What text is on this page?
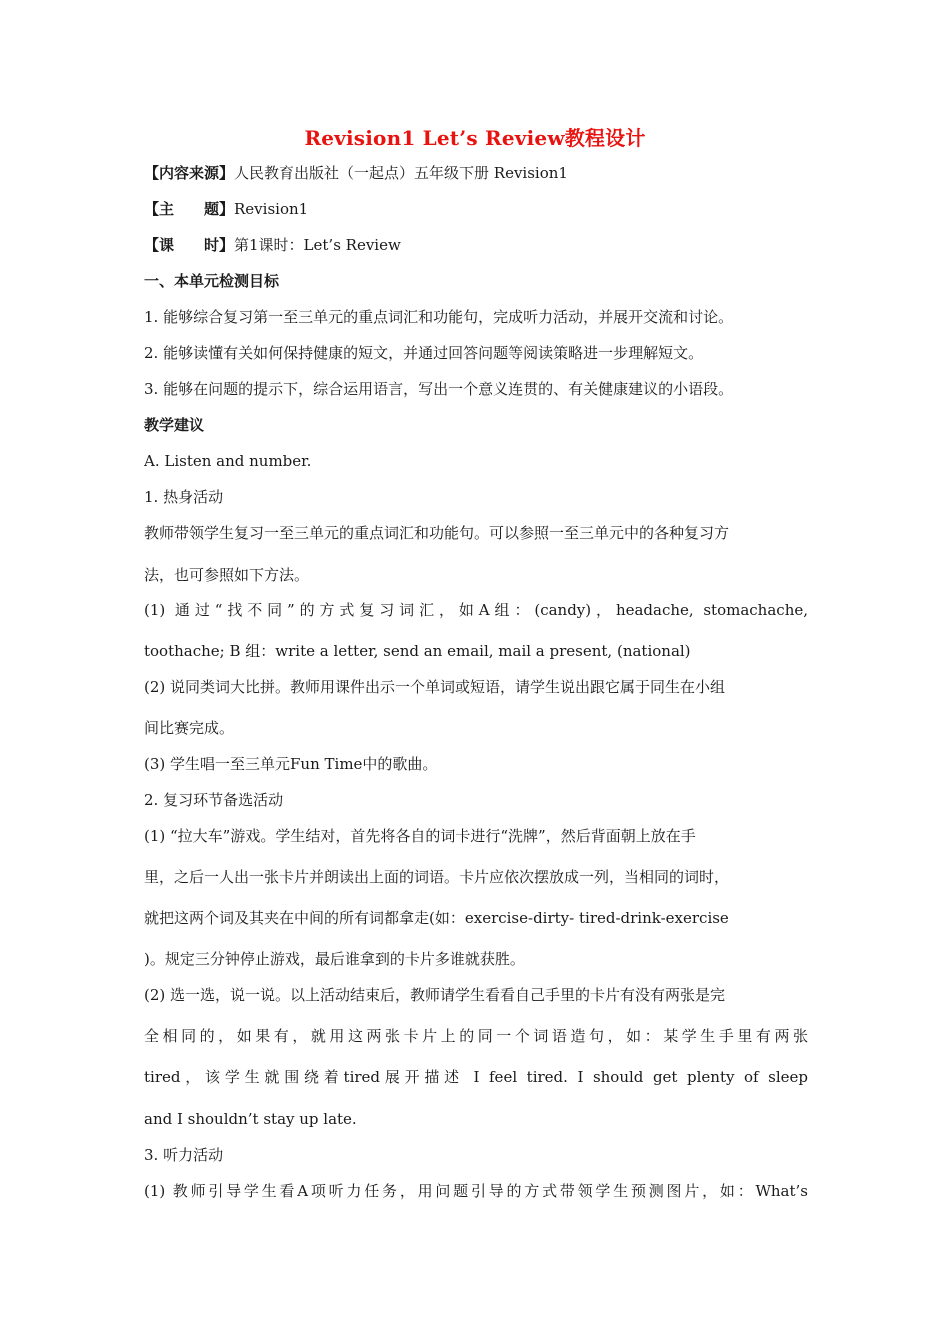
Revision1 Let’s Review教程设计
【内容来源】人民教育出版社（一起点）五年级下册 Revision1
【主　　题】Revision1
【课　　时】第1课时：Let’s Review
一、本单元检测目标
1. 能够综合复习第一至三单元的重点词汇和功能句，完成听力活动，并展开交流和讨论。
2. 能够读懂有关如何保持健康的短文，并通过回答问题等阅读策略进一步理解短文。
3. 能够在问题的提示下，综合运用语言，写出一个意义连贯的、有关健康建议的小语段。
教学建议
A. Listen and number.
1. 热身活动
教师带领学生复习一至三单元的重点词汇和功能句。可以参照一至三单元中的各种复习方
法，也可参照如下方法。
(1) 通过“找不同”的方式复习词汇，如A组：(candy)，headache, stomachache,
toothache; B 组：write a letter, send an email, mail a present, (national)
(2) 说同类词大比拼。教师用课件出示一个单词或短语，请学生说出跟它属于同生在小组
间比赛完成。
(3) 学生唱一至三单元Fun Time中的歌曲。
2. 复习环节备选活动
(1) “拉大车”游戏。学生结对，首先将各自的词卡进行“洗牌”，然后背面朝上放在手
里，之后一人出一张卡片并朗读出上面的词语。卡片应依次摆放成一列，当相同的词时，
就把这两个词及其夹在中间的所有词都拿走(如：exercise-dirty- tired-drink-exercise
)。规定三分钟停止游戏，最后谁拿到的卡片多谁就获胜。
(2) 选一选，说一说。以上活动结束后，教师请学生看看自己手里的卡片有没有两张是完
全相同的，如果有，就用这两张卡片上的同一个词语造句，如：某学生手里有两张
tired，该学生就围绕着tired展开描述 I feel tired. I should get plenty of sleep
and I shouldn’t stay up late.
3. 听力活动
(1) 教师引导学生看A项听力任务，用问题引导的方式带领学生预测图片，如：What’s
